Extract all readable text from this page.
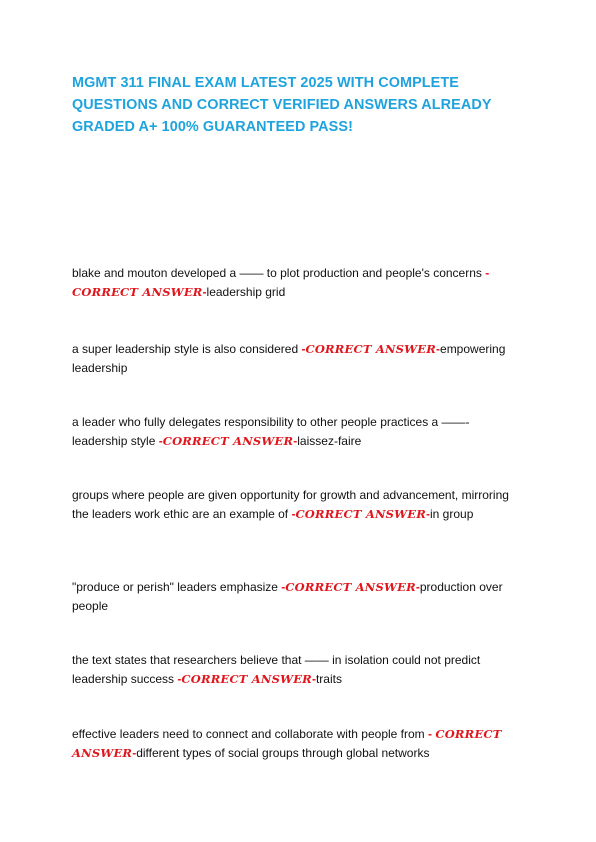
MGMT 311 FINAL EXAM LATEST 2025 WITH COMPLETE QUESTIONS AND CORRECT VERIFIED ANSWERS ALREADY GRADED A+ 100% GUARANTEED PASS!

blake and mouton developed a —— to plot production and people's concerns - CORRECT ANSWER-leadership grid

a super leadership style is also considered -CORRECT ANSWER-empowering leadership

a leader who fully delegates responsibility to other people practices a ——- leadership style -CORRECT ANSWER-laissez-faire

groups where people are given opportunity for growth and advancement, mirroring the leaders work ethic are an example of -CORRECT ANSWER-in group

"produce or perish" leaders emphasize -CORRECT ANSWER-production over people

the text states that researchers believe that —— in isolation could not predict leadership success -CORRECT ANSWER-traits

effective leaders need to connect and collaborate with people from - CORRECT ANSWER-different types of social groups through global networks
